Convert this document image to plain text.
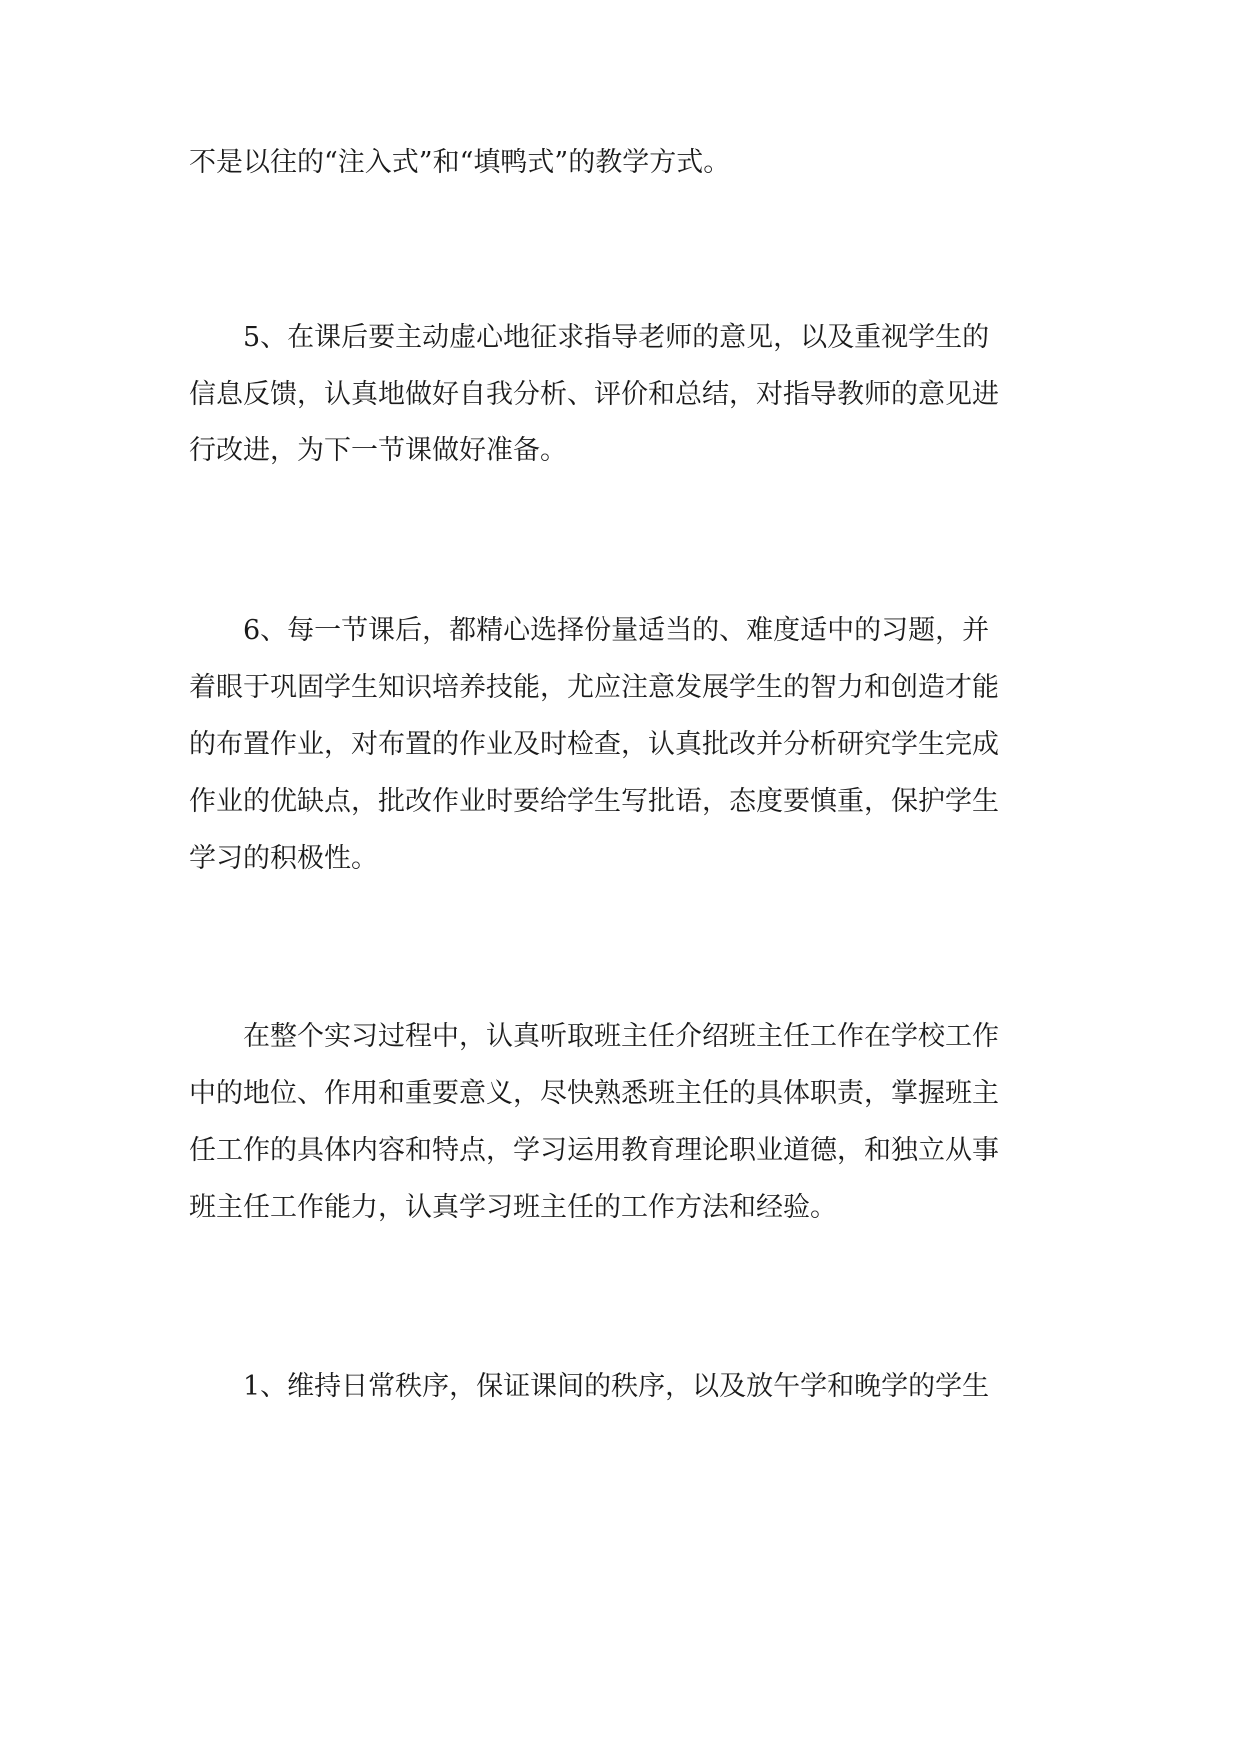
不是以往的“注入式”和“填鸭式”的教学方式。
5、在课后要主动虚心地征求指导老师的意见，以及重视学生的
信息反馈，认真地做好自我分析、评价和总结，对指导教师的意见进
行改进，为下一节课做好准备。
6、每一节课后，都精心选择份量适当的、难度适中的习题，并
着眼于巩固学生知识培养技能，尤应注意发展学生的智力和创造才能
的布置作业，对布置的作业及时检查，认真批改并分析研究学生完成
作业的优缺点，批改作业时要给学生写批语，态度要慎重，保护学生
学习的积极性。
在整个实习过程中，认真听取班主任介绍班主任工作在学校工作
中的地位、作用和重要意义，尽快熟悉班主任的具体职责，掌握班主
任工作的具体内容和特点，学习运用教育理论职业道德，和独立从事
班主任工作能力，认真学习班主任的工作方法和经验。
1、维持日常秩序，保证课间的秩序，以及放午学和晚学的学生
